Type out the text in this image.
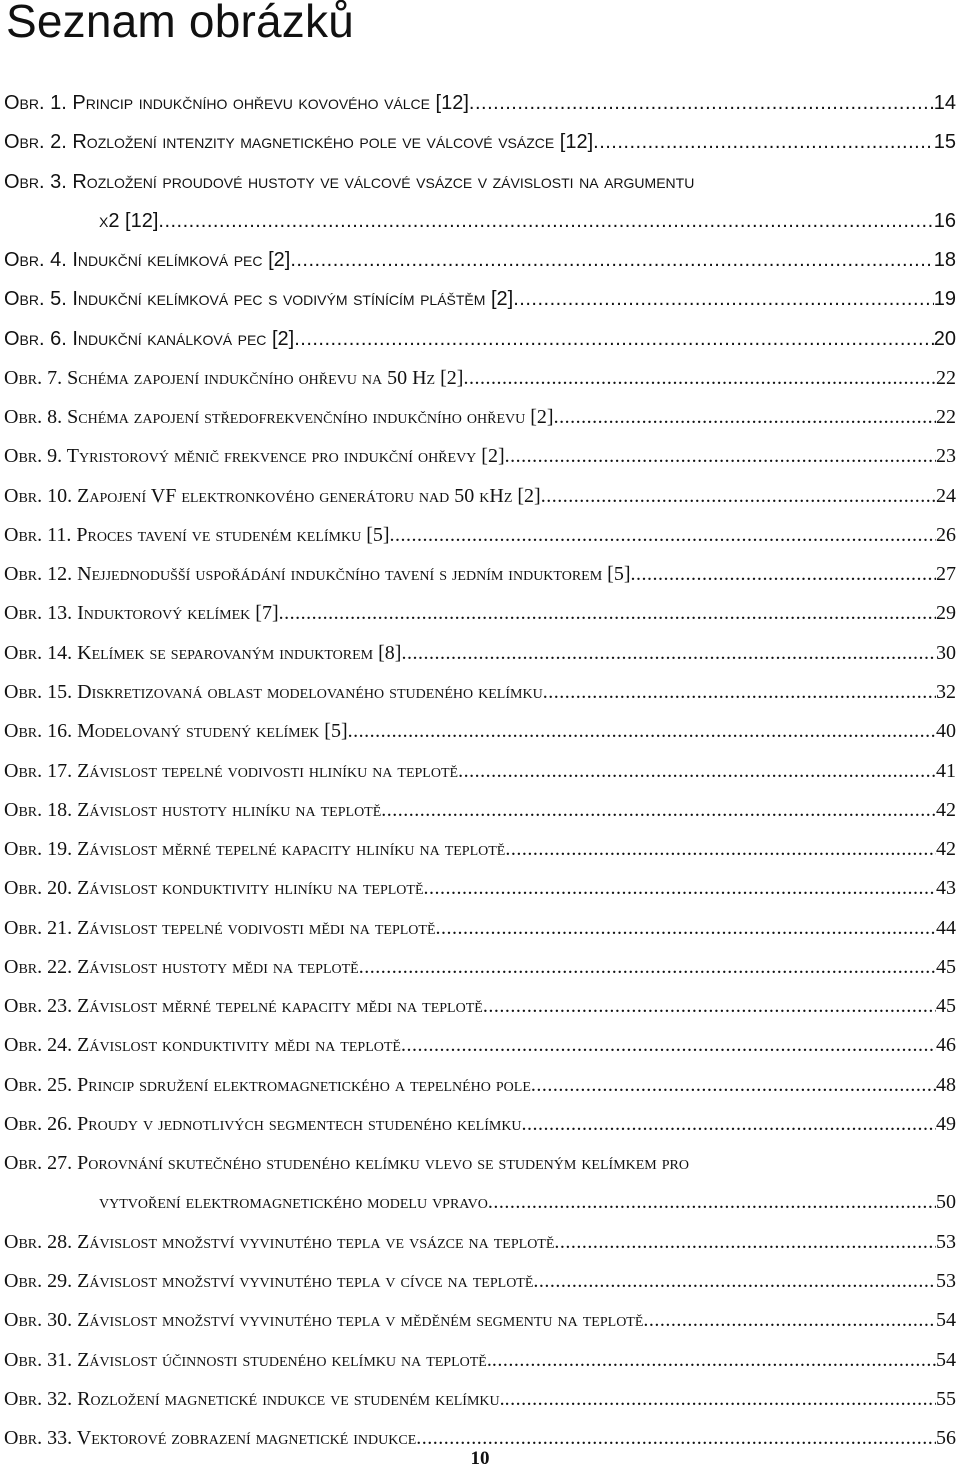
Seznam obrázků
Obr. 1. Princip indukčního ohřevu kovového válce [12] .....	14
Obr. 2. Rozložení intenzity magnetického pole ve válcové vsázce [12] .....	15
Obr. 3. Rozložení proudové hustoty ve válcové vsázce v závislosti na argumentu
x2 [12] .....	16
Obr. 4. Indukční kelímková pec [2] .....	18
Obr. 5. Indukční kelímková pec s vodivým stínícím pláštěm [2] .....	19
Obr. 6. Indukční kanálková pec [2] .....	20
Obr. 7. Schéma zapojení indukčního ohřevu na 50 Hz [2] .....	22
Obr. 8. Schéma zapojení středofrekvenčního indukčního ohřevu [2] .....	22
Obr. 9. Tyristorový měnič frekvence pro indukční ohřevy [2] .....	23
Obr. 10. Zapojení VF elektronkového generátoru nad 50 kHz [2] .....	24
Obr. 11. Proces tavení ve studeném kelímku [5] .....	26
Obr. 12. Nejjednodušší uspořádání indukčního tavení s jedním induktorem [5] .....	27
Obr. 13. Induktorový kelímek [7] .....	29
Obr. 14. Kelímek se separovaným induktorem [8] .....	30
Obr. 15. Diskretizovaná oblast modelovaného studeného kelímku .....	32
Obr. 16. Modelovaný studený kelímek [5] .....	40
Obr. 17. Závislost tepelné vodivosti hliníku na teplotě .....	41
Obr. 18. Závislost hustoty hliníku na teplotě .....	42
Obr. 19. Závislost měrné tepelné kapacity hliníku na teplotě .....	42
Obr. 20. Závislost konduktivity hliníku na teplotě .....	43
Obr. 21. Závislost tepelné vodivosti mědi na teplotě .....	44
Obr. 22. Závislost hustoty mědi na teplotě .....	45
Obr. 23. Závislost měrné tepelné kapacity mědi na teplotě .....	45
Obr. 24. Závislost konduktivity mědi na teplotě .....	46
Obr. 25. Princip sdružení elektromagnetického a tepelného pole .....	48
Obr. 26. Proudy v jednotlivých segmentech studeného kelímku .....	49
Obr. 27. Porovnání skutečného studeného kelímku vlevo se studeným kelímkem pro
vytvoření elektromagnetického modelu vpravo .....	50
Obr. 28. Závislost množství vyvinutého tepla ve vsázce na teplotě .....	53
Obr. 29. Závislost množství vyvinutého tepla v cívce na teplotě .....	53
Obr. 30. Závislost množství vyvinutého tepla v měděném segmentu na teplotě .....	54
Obr. 31. Závislost účinnosti studeného kelímku na teplotě. .....	54
Obr. 32. Rozložení magnetické indukce ve studeném kelímku. .....	55
Obr. 33. Vektorové zobrazení magnetické indukce .....	56
10
